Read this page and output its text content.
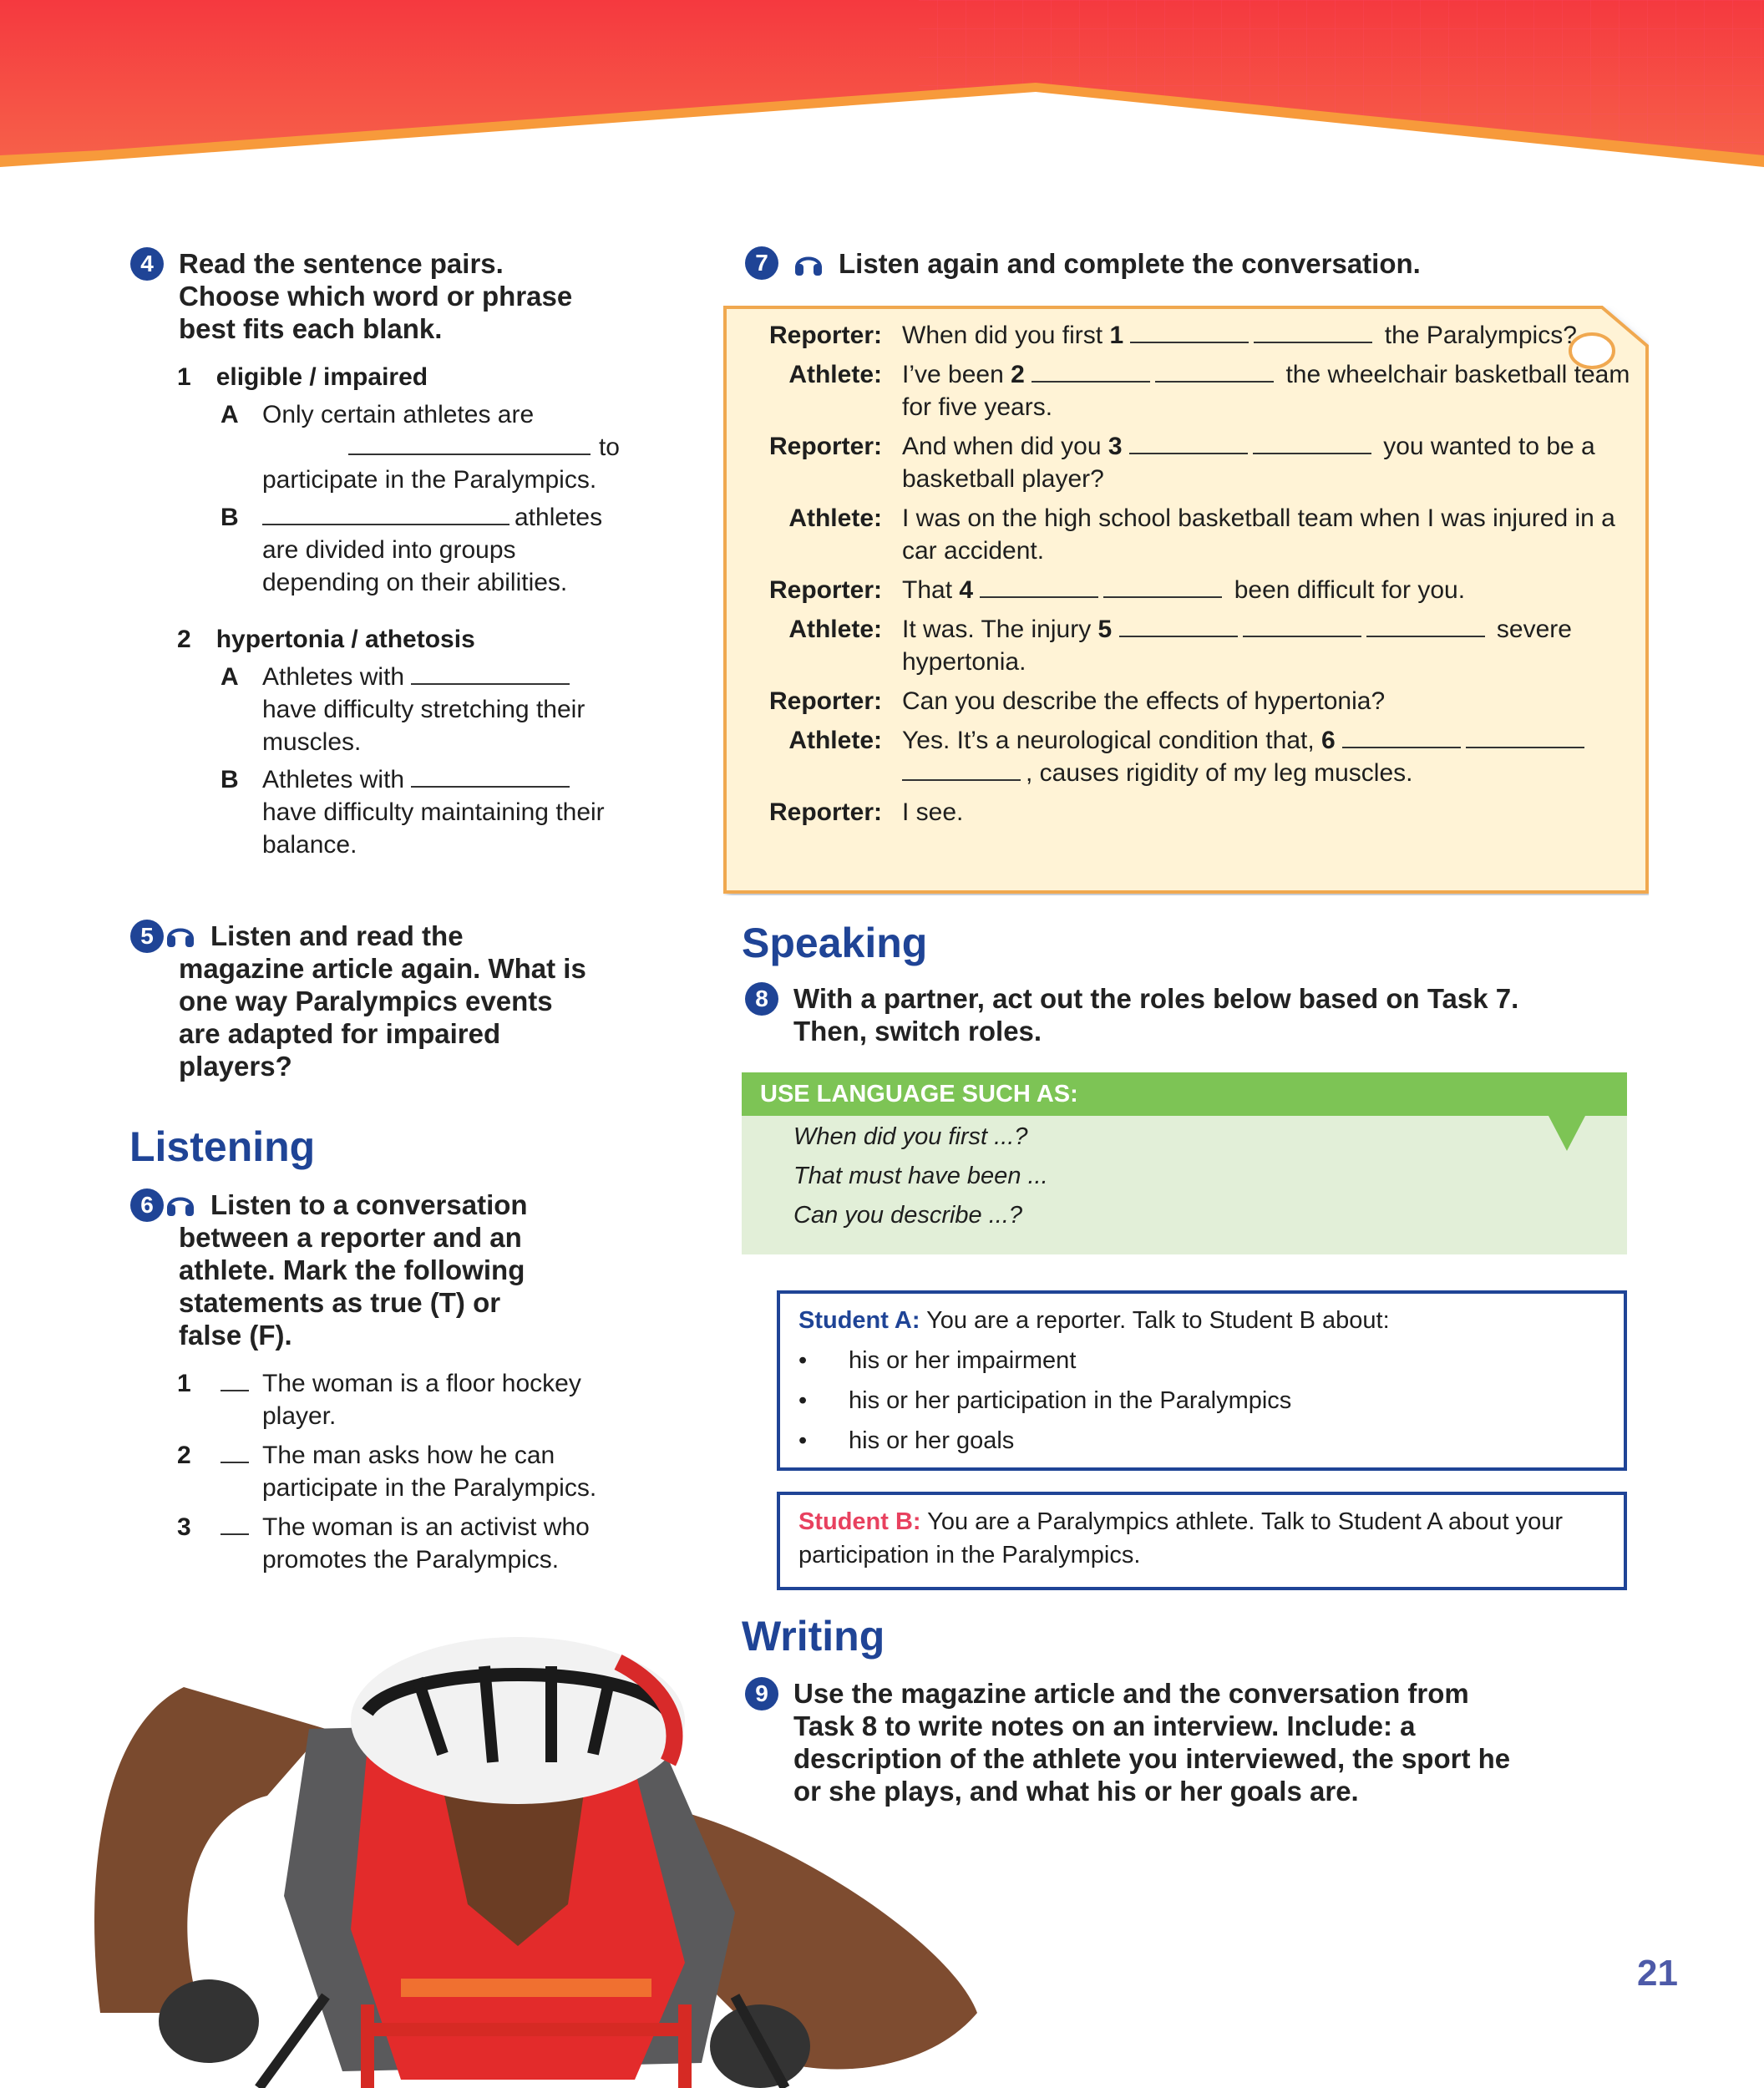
4 Read the sentence pairs.
Choose which word or phrase
best fits each blank.
1 eligible / impaired
A Only certain athletes are
to
participate in the Paralympics.
B	athletes
are divided into groups depending on their abilities.
2 hypertonia / athetosis
A Athletes with
have difficulty stretching their muscles.
B Athletes with
have difficulty maintaining their balance.
5	Listen and read the
magazine article again. What is
one way Paralympics events
are adapted for impaired
players?
Listening
6	Listen to a conversation
between a reporter and an
athlete. Mark the following
statements as true (T) or
false (F).
1	The woman is a floor hockey player.
2	The man asks how he can participate in the Paralympics.
3	The woman is an activist who promotes the Paralympics.
7	Listen again and complete the conversation.
Reporter: When did you first 1	the Paralympics?
Athlete: I’ve been 2	the wheelchair basketball team for five years.
Reporter: And when did you 3	you wanted to be a basketball player?
Athlete: I was on the high school basketball team when I was injured in a car accident.
Reporter: That 4	been difficult for you.
Athlete: It was. The injury 5	severe hypertonia.
Reporter: Can you describe the effects of hypertonia?
Athlete: Yes. It’s a neurological condition that, 6 , causes rigidity of my leg muscles.
Reporter: I see.
Speaking
8 With a partner, act out the roles below based on Task 7.
Then, switch roles.
USE LANGUAGE SUCH AS:
When did you first ...?
That must have been ...
Can you describe ...?
Student A: You are a reporter. Talk to Student B about:
•	his or her impairment
•	his or her participation in the Paralympics
•	his or her goals
Student B: You are a Paralympics athlete. Talk to Student A about your participation in the Paralympics.
Writing
9 Use the magazine article and the conversation from
Task 8 to write notes on an interview. Include: a
description of the athlete you interviewed, the sport he
or she plays, and what his or her goals are.
21
